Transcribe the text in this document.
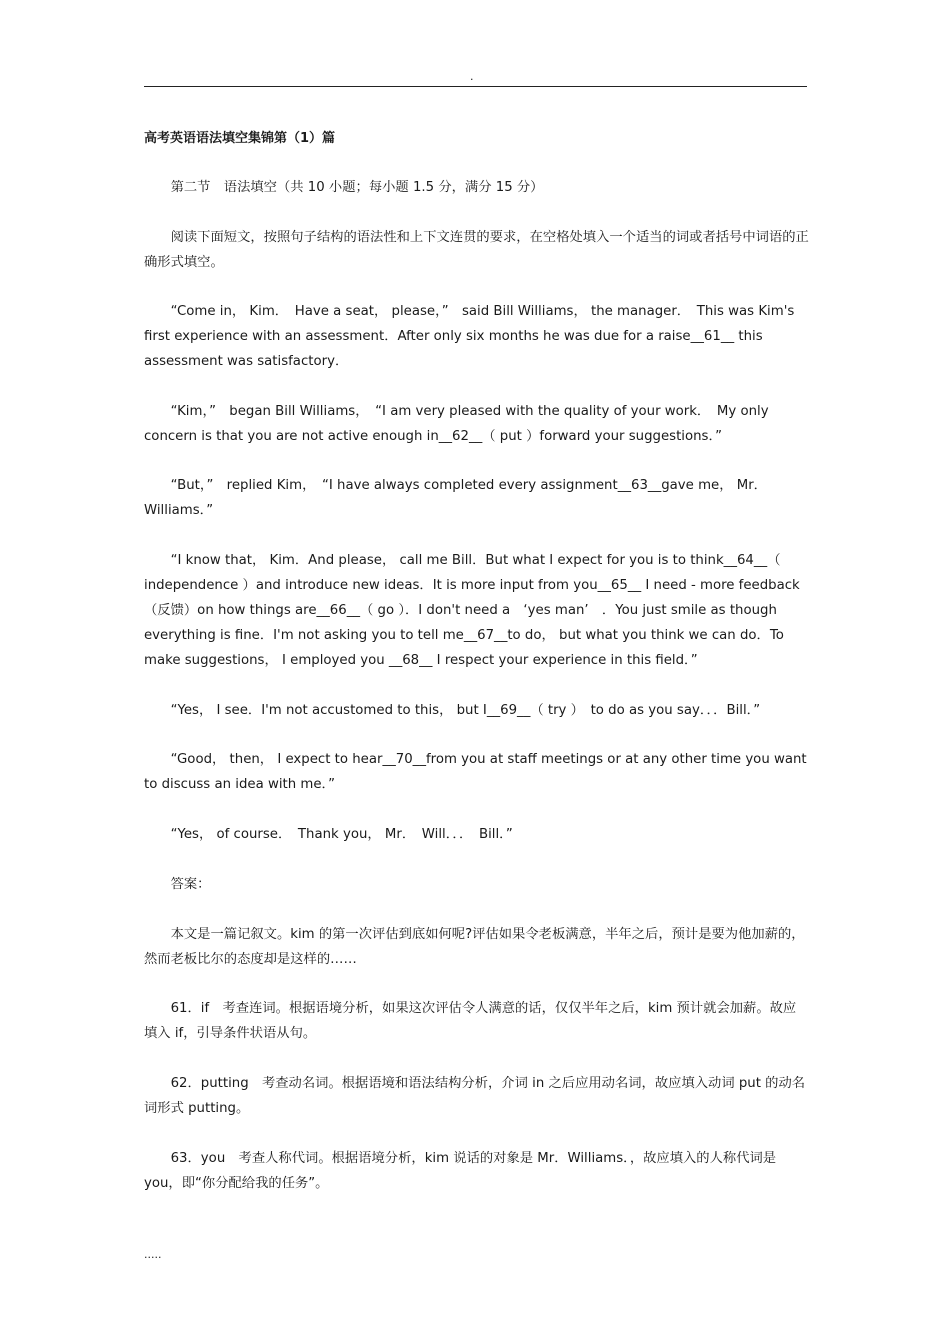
.
高考英语语法填空集锦第（1）篇
　　第二节　语法填空（共 10 小题；每小题 1.5 分，满分 15 分）
　　阅读下面短文，按照句子结构的语法性和上下文连贯的要求，在空格处填入一个适当的词或者括号中词语的正确形式填空。
　　“Come in， Kim．　Have a seat， please，”　said Bill Williams， the manager．　This was Kim's first experience with an assessment．After only six months he was due for a raise__61__ this assessment was satisfactory．
　　“Kim，”　began Bill Williams，　“I am very pleased with the quality of your work．　My only concern is that you are not active enough in__62__（ put ）forward your suggestions．”
　　“But，”　replied Kim，　“I have always completed every assignment__63__gave me， Mr．Williams．”
　　“I know that， Kim．And please， call me Bill．But what I expect for you is to think__64__（ independence ）and introduce new ideas．It is more input from you__65__ I need - more feedback（反馈）on how things are__66__（ go ）．I don't need a　‘yes man’　．You just smile as though everything is fine．I'm not asking you to tell me__67__to do， but what you think we can do．To make suggestions， I employed you __68__ I respect your experience in this field．”
　　“Yes， I see．I'm not accustomed to this， but I__69__（ try ）　to do as you say．．．Bill．”
　　“Good， then， I expect to hear__70__from you at staff meetings or at any other time you want to discuss an idea with me．”
　　“Yes， of course．　Thank you， Mr．　Will．．．　Bill．”
　　答案：
　　本文是一篇记叙文。kim 的第一次评估到底如何呢?评估如果令老板满意，半年之后，预计是要为他加薪的，然而老板比尔的态度却是这样的……
　　61．if　考查连词。根据语境分析，如果这次评估令人满意的话，仅仅半年之后，kim 预计就会加薪。故应填入 if，引导条件状语从句。
　　62．putting　考查动名词。根据语境和语法结构分析，介词 in 之后应用动名词，故应填入动词 put 的动名词形式 putting。
　　63．you　考查人称代词。根据语境分析，kim 说话的对象是 Mr．Williams．，故应填入的人称代词是 you，即“你分配给我的任务”。
.....
